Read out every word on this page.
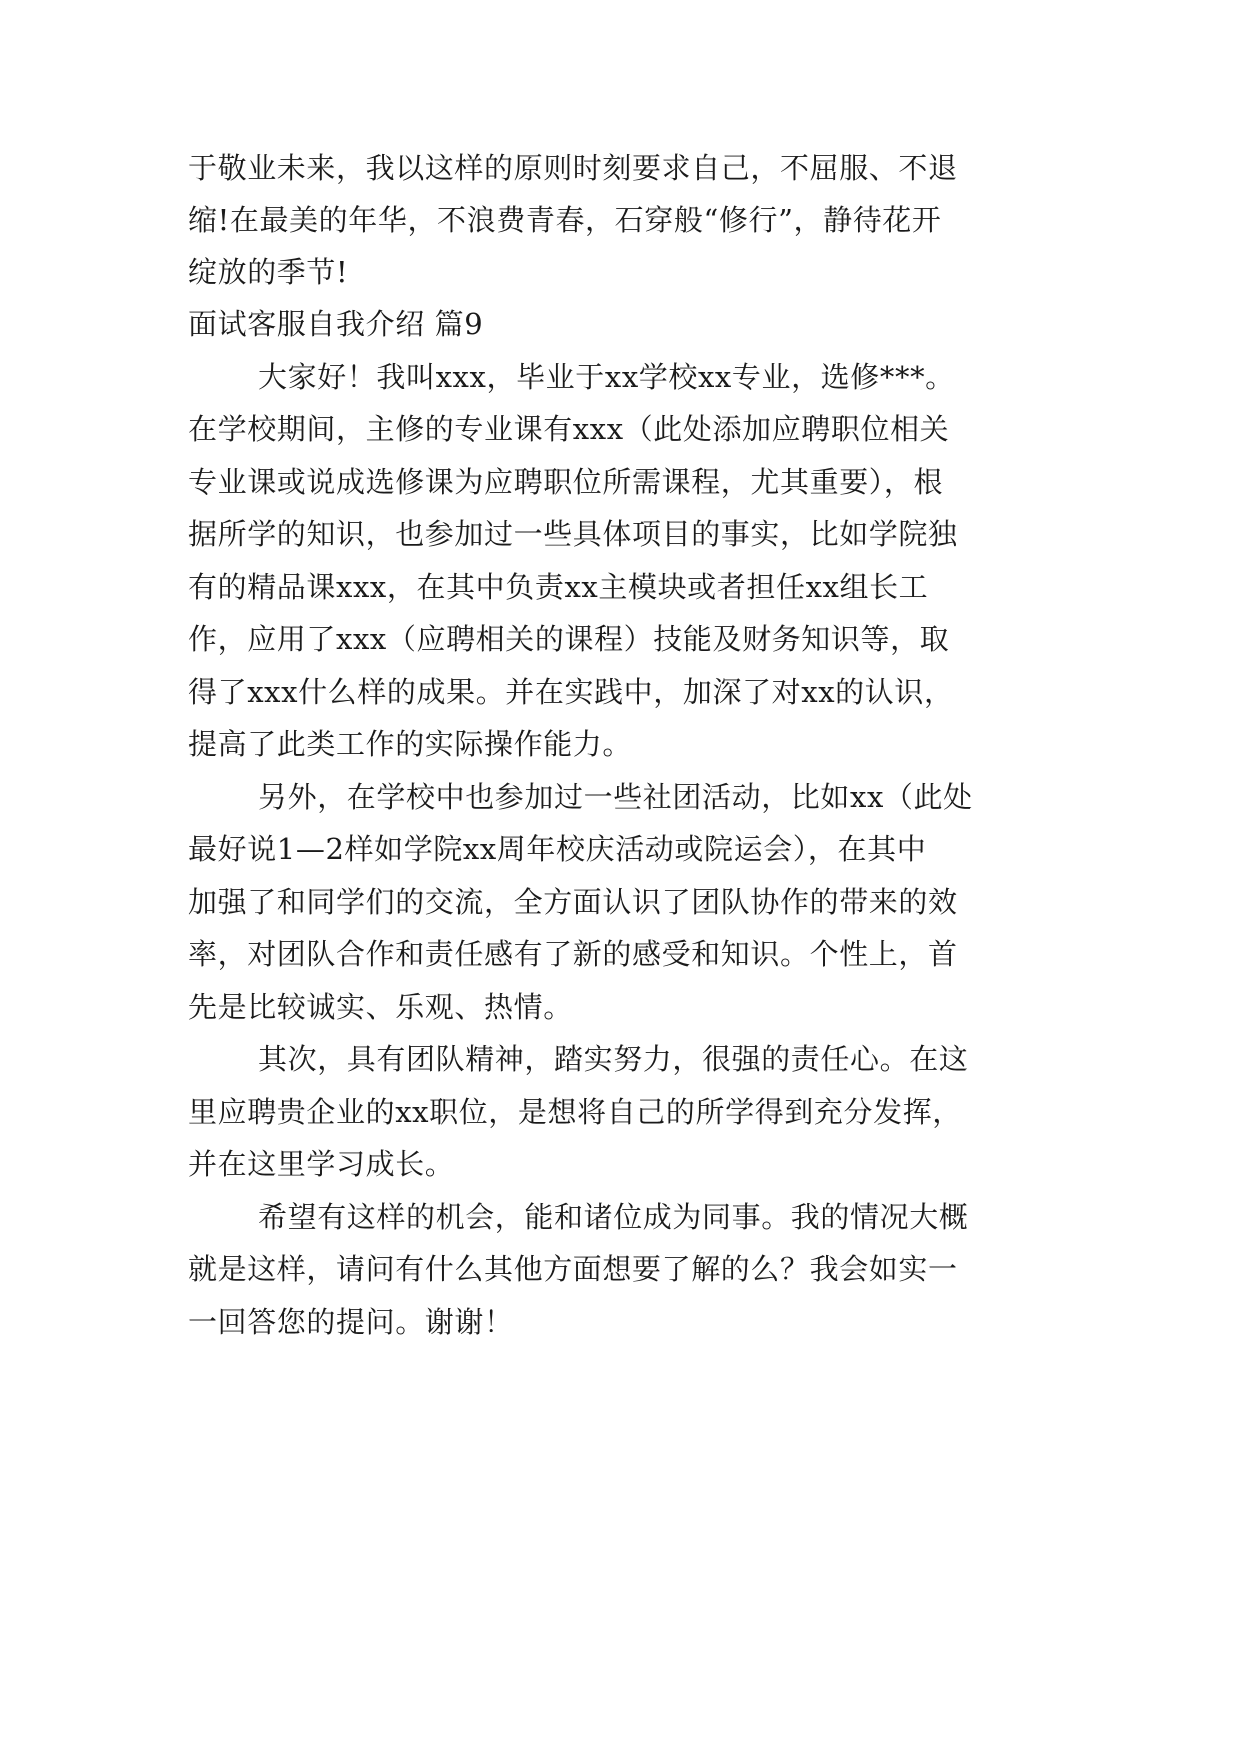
于敬业未来，我以这样的原则时刻要求自己，不屈服、不退
缩!在最美的年华，不浪费青春，石穿般“修行”，静待花开
绽放的季节!
面试客服自我介绍 篇9
大家好！我叫xxx，毕业于xx学校xx专业，选修***。
在学校期间，主修的专业课有xxx（此处添加应聘职位相关
专业课或说成选修课为应聘职位所需课程，尤其重要），根
据所学的知识，也参加过一些具体项目的事实，比如学院独
有的精品课xxx，在其中负责xx主模块或者担任xx组长工
作，应用了xxx（应聘相关的课程）技能及财务知识等，取
得了xxx什么样的成果。并在实践中，加深了对xx的认识，
提高了此类工作的实际操作能力。
另外，在学校中也参加过一些社团活动，比如xx（此处
最好说1—2样如学院xx周年校庆活动或院运会），在其中
加强了和同学们的交流，全方面认识了团队协作的带来的效
率，对团队合作和责任感有了新的感受和知识。个性上，首
先是比较诚实、乐观、热情。
其次，具有团队精神，踏实努力，很强的责任心。在这
里应聘贵企业的xx职位，是想将自己的所学得到充分发挥，
并在这里学习成长。
希望有这样的机会，能和诸位成为同事。我的情况大概
就是这样，请问有什么其他方面想要了解的么？我会如实一
一回答您的提问。谢谢！
